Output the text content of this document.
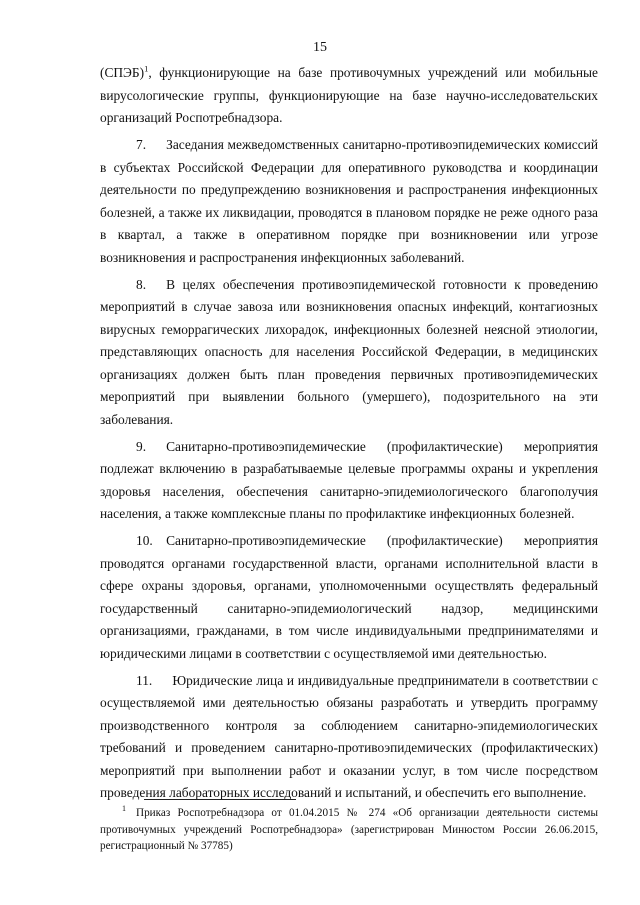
15

(СПЭБ)$^1$, функционирующие на базе противочумных учреждений или мобильные вирусологические группы, функционирующие на базе научно-исследовательских организаций Роспотребнадзора.

7.  Заседания межведомственных санитарно-противоэпидемических комиссий в субъектах Российской Федерации для оперативного руководства и координации деятельности по предупреждению возникновения и распространения инфекционных болезней, а также их ликвидации, проводятся в плановом порядке не реже одного раза в квартал, а также в оперативном порядке при возникновении или угрозе возникновения и распространения инфекционных заболеваний.

8.  В целях обеспечения противоэпидемической готовности к проведению мероприятий в случае завоза или возникновения опасных инфекций, контагиозных вирусных геморрагических лихорадок, инфекционных болезней неясной этиологии, представляющих опасность для населения Российской Федерации, в медицинских организациях должен быть план проведения первичных противоэпидемических мероприятий при выявлении больного (умершего), подозрительного на эти заболевания.

9.  Санитарно-противоэпидемические (профилактические) мероприятия подлежат включению в разрабатываемые целевые программы охраны и укрепления здоровья населения, обеспечения санитарно-эпидемиологического благополучия населения, а также комплексные планы по профилактике инфекционных болезней.

10. Санитарно-противоэпидемические (профилактические) мероприятия проводятся органами государственной власти, органами исполнительной власти в сфере охраны здоровья, органами, уполномоченными осуществлять федеральный государственный санитарно-эпидемиологический надзор, медицинскими организациями, гражданами, в том числе индивидуальными предпринимателями и юридическими лицами в соответствии с осуществляемой ими деятельностью.

11.  Юридические лица и индивидуальные предприниматели в соответствии с осуществляемой ими деятельностью обязаны разработать и утвердить программу производственного контроля за соблюдением санитарно-эпидемиологических требований и проведением санитарно-противоэпидемических (профилактических) мероприятий при выполнении работ и оказании услуг, в том числе посредством проведения лабораторных исследований и испытаний, и обеспечить его выполнение.

$^1$ Приказ Роспотребнадзора от 01.04.2015 № 274 «Об организации деятельности системы противочумных учреждений Роспотребнадзора» (зарегистрирован Минюстом России 26.06.2015, регистрационный № 37785)
